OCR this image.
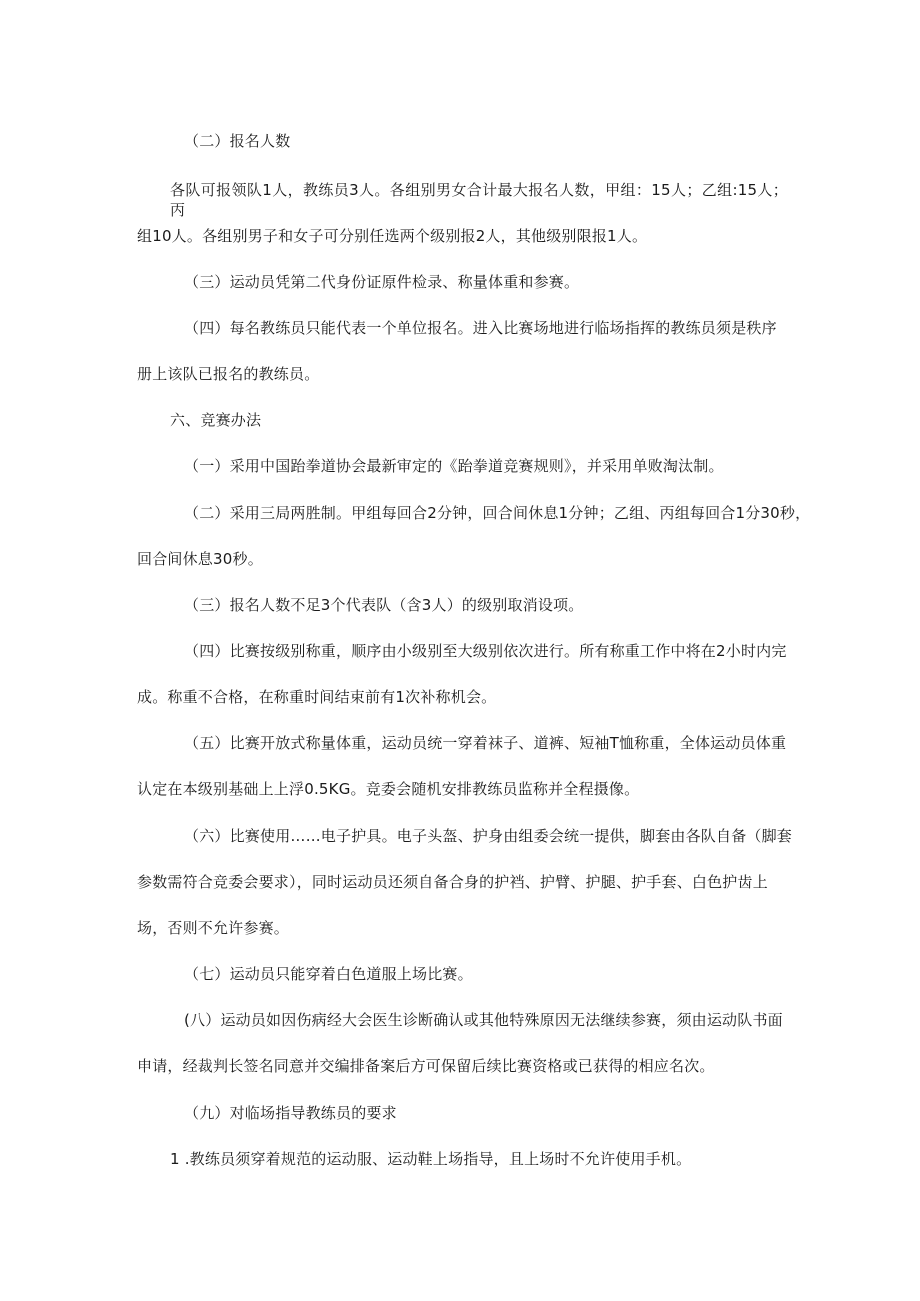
（二）报名人数
各队可报领队1人，教练员3人。各组别男女合计最大报名人数，甲组：15人；乙组:15人；丙
组10人。各组别男子和女子可分别任选两个级别报2人，其他级别限报1人。
（三）运动员凭第二代身份证原件检录、称量体重和参赛。
（四）每名教练员只能代表一个单位报名。进入比赛场地进行临场指挥的教练员须是秩序
册上该队已报名的教练员。
六、竞赛办法
（一）采用中国跆拳道协会最新审定的《跆拳道竞赛规则》，并采用单败淘汰制。
（二）采用三局两胜制。甲组每回合2分钟，回合间休息1分钟；乙组、丙组每回合1分30秒，
回合间休息30秒。
（三）报名人数不足3个代表队（含3人）的级别取消设项。
（四）比赛按级别称重，顺序由小级别至大级别依次进行。所有称重工作中将在2小时内完
成。称重不合格，在称重时间结束前有1次补称机会。
（五）比赛开放式称量体重，运动员统一穿着袜子、道裤、短袖T恤称重，全体运动员体重
认定在本级别基础上上浮0.5KG。竞委会随机安排教练员监称并全程摄像。
（六）比赛使用……电子护具。电子头盔、护身由组委会统一提供，脚套由各队自备（脚套
参数需符合竞委会要求），同时运动员还须自备合身的护裆、护臂、护腿、护手套、白色护齿上
场，否则不允许参赛。
（七）运动员只能穿着白色道服上场比赛。
(八）运动员如因伤病经大会医生诊断确认或其他特殊原因无法继续参赛，须由运动队书面
申请，经裁判长签名同意并交编排备案后方可保留后续比赛资格或已获得的相应名次。
（九）对临场指导教练员的要求
1 .教练员须穿着规范的运动服、运动鞋上场指导，且上场时不允许使用手机。
